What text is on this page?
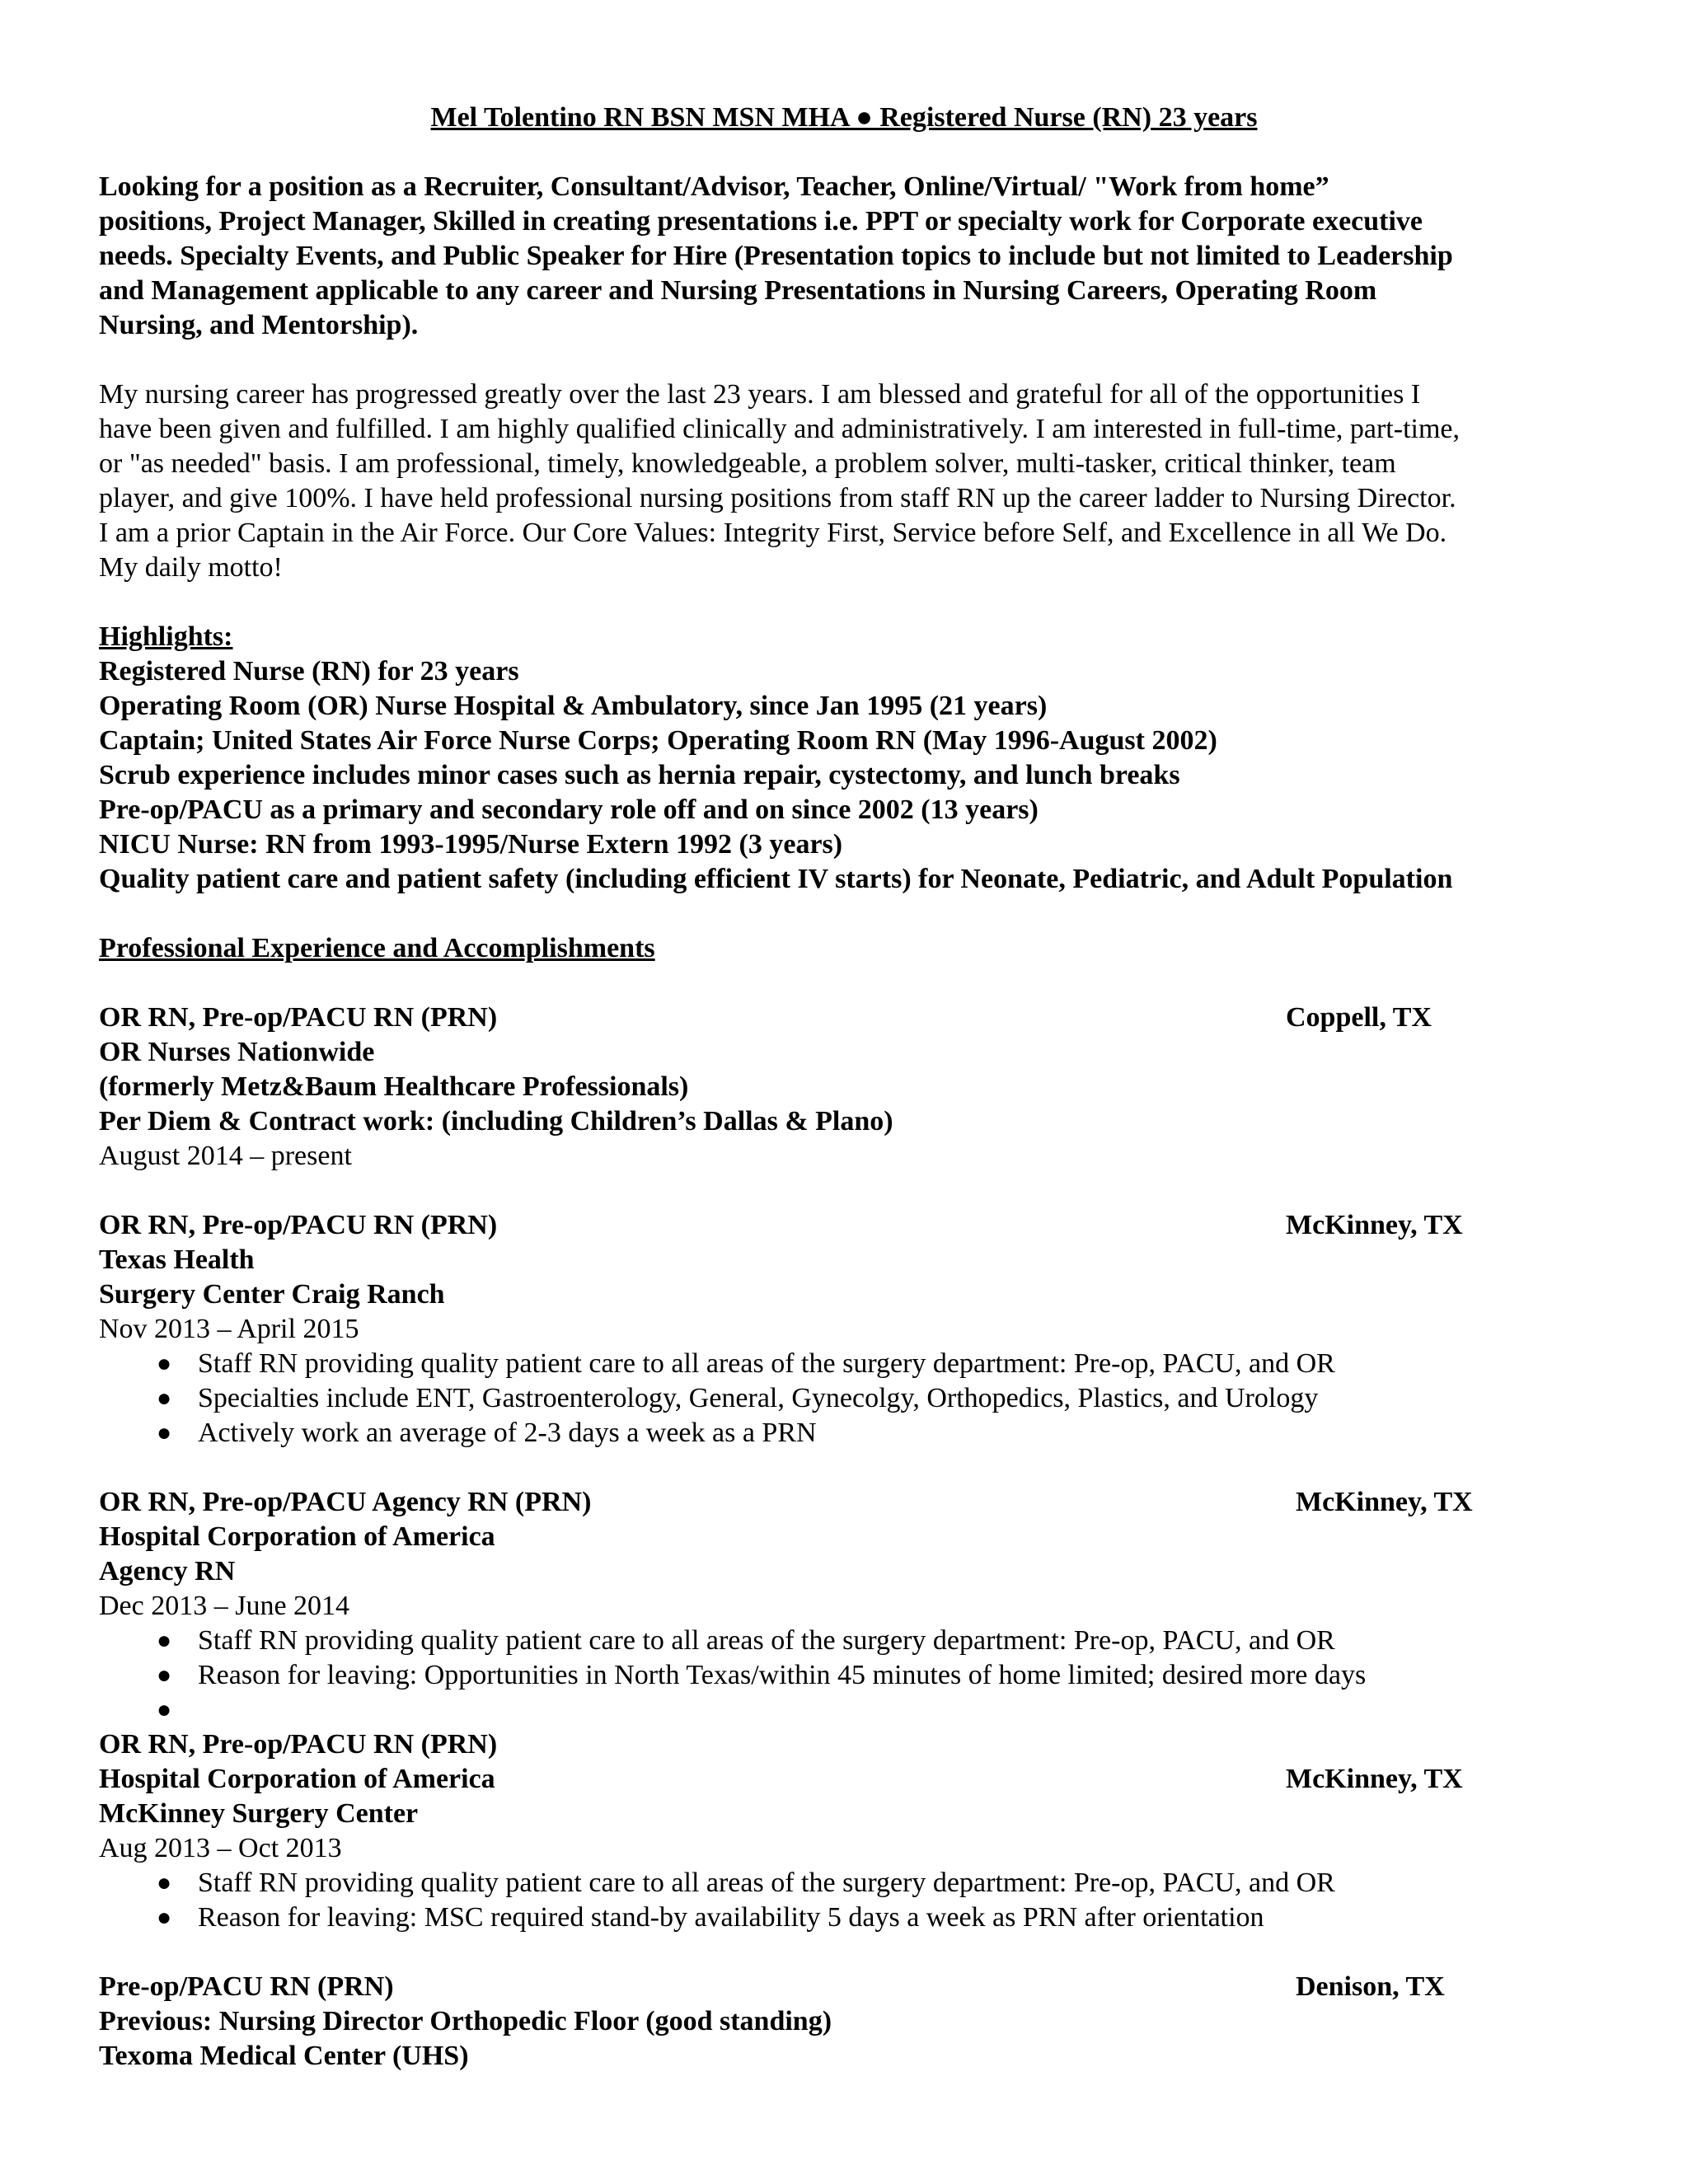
Mel Tolentino RN BSN MSN MHA ● Registered Nurse (RN) 23 years
Looking for a position as a Recruiter, Consultant/Advisor, Teacher, Online/Virtual/ "Work from home”
positions, Project Manager, Skilled in creating presentations i.e. PPT or specialty work for Corporate executive
needs. Specialty Events, and Public Speaker for Hire (Presentation topics to include but not limited to Leadership
and Management applicable to any career and Nursing Presentations in Nursing Careers, Operating Room
Nursing, and Mentorship).
My nursing career has progressed greatly over the last 23 years. I am blessed and grateful for all of the opportunities I
have been given and fulfilled. I am highly qualified clinically and administratively. I am interested in full-time, part-time,
or "as needed" basis. I am professional, timely, knowledgeable, a problem solver, multi-tasker, critical thinker, team
player, and give 100%. I have held professional nursing positions from staff RN up the career ladder to Nursing Director.
I am a prior Captain in the Air Force. Our Core Values: Integrity First, Service before Self, and Excellence in all We Do.
My daily motto!
Highlights:
Registered Nurse (RN) for 23 years
Operating Room (OR) Nurse Hospital & Ambulatory, since Jan 1995 (21 years)
Captain; United States Air Force Nurse Corps; Operating Room RN (May 1996-August 2002)
Scrub experience includes minor cases such as hernia repair, cystectomy, and lunch breaks
Pre-op/PACU as a primary and secondary role off and on since 2002 (13 years)
NICU Nurse: RN from 1993-1995/Nurse Extern 1992 (3 years)
Quality patient care and patient safety (including efficient IV starts) for Neonate, Pediatric, and Adult Population
Professional Experience and Accomplishments
OR RN, Pre-op/PACU RN (PRN)	Coppell, TX
OR Nurses Nationwide
(formerly Metz&Baum Healthcare Professionals)
Per Diem & Contract work: (including Children’s Dallas & Plano)
August 2014 – present
OR RN, Pre-op/PACU RN (PRN)	McKinney, TX
Texas Health
Surgery Center Craig Ranch
Nov 2013 – April 2015
● Staff RN providing quality patient care to all areas of the surgery department: Pre-op, PACU, and OR
● Specialties include ENT, Gastroenterology, General, Gynecolgy, Orthopedics, Plastics, and Urology
● Actively work an average of 2-3 days a week as a PRN
OR RN, Pre-op/PACU Agency RN (PRN)	McKinney, TX
Hospital Corporation of America
Agency RN
Dec 2013 – June 2014
● Staff RN providing quality patient care to all areas of the surgery department: Pre-op, PACU, and OR
● Reason for leaving: Opportunities in North Texas/within 45 minutes of home limited; desired more days
●
OR RN, Pre-op/PACU RN (PRN)
Hospital Corporation of America	McKinney, TX
McKinney Surgery Center
Aug 2013 – Oct 2013
● Staff RN providing quality patient care to all areas of the surgery department: Pre-op, PACU, and OR
● Reason for leaving: MSC required stand-by availability 5 days a week as PRN after orientation
Pre-op/PACU RN (PRN)	Denison, TX
Previous: Nursing Director Orthopedic Floor (good standing)
Texoma Medical Center (UHS)
